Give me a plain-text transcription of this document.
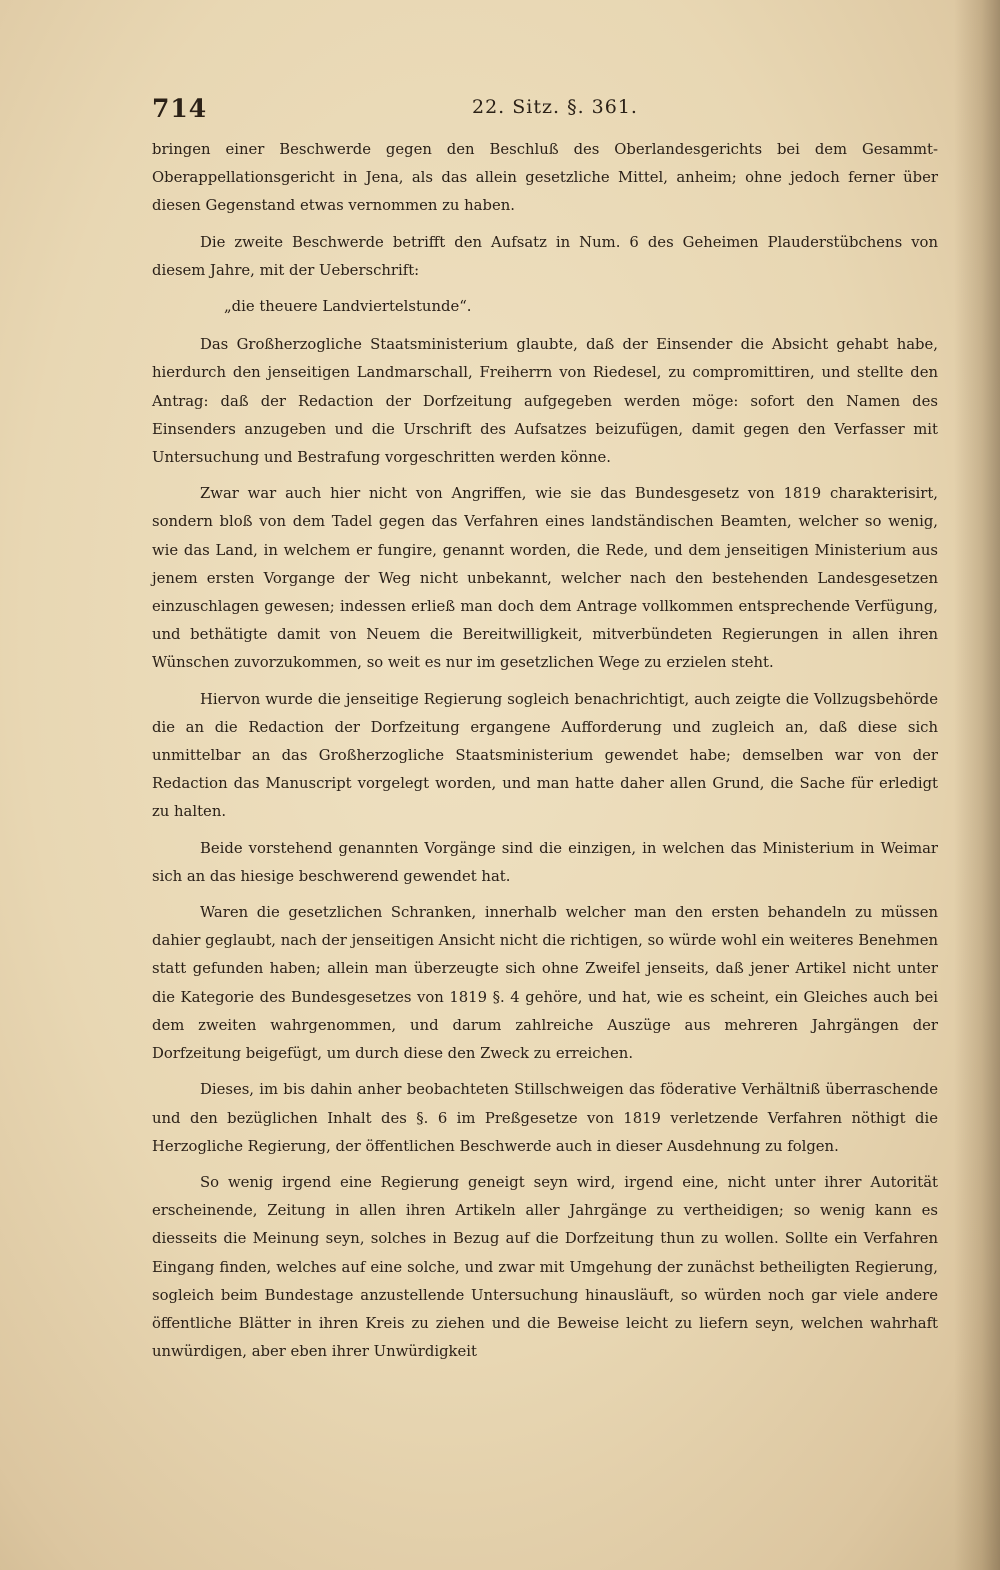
714	22. Sitz. §. 361.

bringen einer Beschwerde gegen den Beschluß des Oberlandesgerichts bei dem Gesammt-Oberappellationsgericht in Jena, als das allein gesetzliche Mittel, anheim; ohne jedoch ferner über diesen Gegenstand etwas vernommen zu haben.

Die zweite Beschwerde betrifft den Aufsatz in Num. 6 des Geheimen Plauderstübchens von diesem Jahre, mit der Ueberschrift:

„die theuere Landviertelstunde“.

Das Großherzogliche Staatsministerium glaubte, daß der Einsender die Absicht gehabt habe, hierdurch den jenseitigen Landmarschall, Freiherrn von Riedesel, zu compromittiren, und stellte den Antrag: daß der Redaction der Dorfzeitung aufgegeben werden möge: sofort den Namen des Einsenders anzugeben und die Urschrift des Aufsatzes beizufügen, damit gegen den Verfasser mit Untersuchung und Bestrafung vorgeschritten werden könne.

Zwar war auch hier nicht von Angriffen, wie sie das Bundesgesetz von 1819 charakterisirt, sondern bloß von dem Tadel gegen das Verfahren eines landständischen Beamten, welcher so wenig, wie das Land, in welchem er fungire, genannt worden, die Rede, und dem jenseitigen Ministerium aus jenem ersten Vorgange der Weg nicht unbekannt, welcher nach den bestehenden Landesgesetzen einzuschlagen gewesen; indessen erließ man doch dem Antrage vollkommen entsprechende Verfügung, und bethätigte damit von Neuem die Bereitwilligkeit, mitverbündeten Regierungen in allen ihren Wünschen zuvorzukommen, so weit es nur im gesetzlichen Wege zu erzielen steht.

Hiervon wurde die jenseitige Regierung sogleich benachrichtigt, auch zeigte die Vollzugsbehörde die an die Redaction der Dorfzeitung ergangene Aufforderung und zugleich an, daß diese sich unmittelbar an das Großherzogliche Staatsministerium gewendet habe; demselben war von der Redaction das Manuscript vorgelegt worden, und man hatte daher allen Grund, die Sache für erledigt zu halten.

Beide vorstehend genannten Vorgänge sind die einzigen, in welchen das Ministerium in Weimar sich an das hiesige beschwerend gewendet hat.

Waren die gesetzlichen Schranken, innerhalb welcher man den ersten behandeln zu müssen dahier geglaubt, nach der jenseitigen Ansicht nicht die richtigen, so würde wohl ein weiteres Benehmen statt gefunden haben; allein man überzeugte sich ohne Zweifel jenseits, daß jener Artikel nicht unter die Kategorie des Bundesgesetzes von 1819 §. 4 gehöre, und hat, wie es scheint, ein Gleiches auch bei dem zweiten wahrgenommen, und darum zahlreiche Auszüge aus mehreren Jahrgängen der Dorfzeitung beigefügt, um durch diese den Zweck zu erreichen.

Dieses, im bis dahin anher beobachteten Stillschweigen das föderative Verhältniß überraschende und den bezüglichen Inhalt des §. 6 im Preßgesetze von 1819 verletzende Verfahren nöthigt die Herzogliche Regierung, der öffentlichen Beschwerde auch in dieser Ausdehnung zu folgen.

So wenig irgend eine Regierung geneigt seyn wird, irgend eine, nicht unter ihrer Autorität erscheinende, Zeitung in allen ihren Artikeln aller Jahrgänge zu vertheidigen; so wenig kann es diesseits die Meinung seyn, solches in Bezug auf die Dorfzeitung thun zu wollen. Sollte ein Verfahren Eingang finden, welches auf eine solche, und zwar mit Umgehung der zunächst betheiligten Regierung, sogleich beim Bundestage anzustellende Untersuchung hinausläuft, so würden noch gar viele andere öffentliche Blätter in ihren Kreis zu ziehen und die Beweise leicht zu liefern seyn, welchen wahrhaft unwürdigen, aber eben ihrer Unwürdigkeit
